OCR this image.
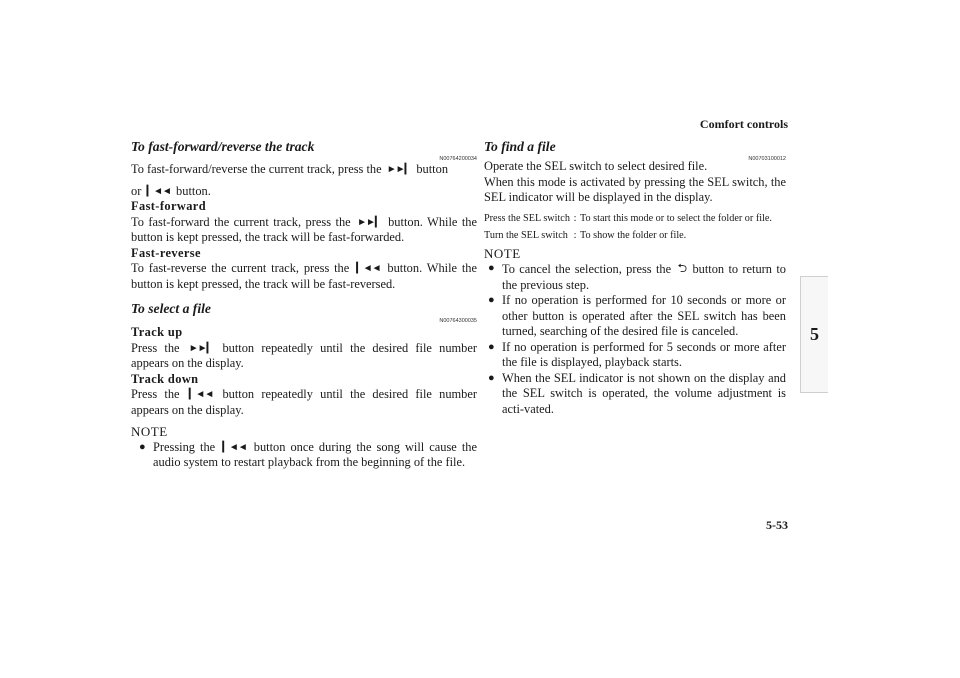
Comfort controls
5
5-53
To fast-forward/reverse the track
N00764200034

To fast-forward/reverse the current track, press the ►►▎ button
or ▎◄◄ button.

Fast-forward

To fast-forward the current track, press the ►►▎ button. While the button is kept pressed, the track will be fast-forwarded.

Fast-reverse

To fast-reverse the current track, press the ▎◄◄ button. While the button is kept pressed, the track will be fast-reversed.

To select a file
N00764300035

Track up

Press the ►►▎ button repeatedly until the desired file number appears on the display.

Track down

Press the ▎◄◄ button repeatedly until the desired file number appears on the display.

NOTE

● Pressing the ▎◄◄ button once during the song will cause the audio system to restart playback from the beginning of the file.
To find a file
N00703100012

Operate the SEL switch to select desired file.

When this mode is activated by pressing the SEL switch, the SEL indicator will be displayed in the display.

Press the SEL switch	:	To start this mode or to select the folder or file.
Turn the SEL switch	:	To show the folder or file.

NOTE

● To cancel the selection, press the ⮌ button to return to the previous step.
● If no operation is performed for 10 seconds or more or other button is operated after the SEL switch has been turned, searching of the desired file is canceled.
● If no operation is performed for 5 seconds or more after the file is displayed, playback starts.
● When the SEL indicator is not shown on the display and the SEL switch is operated, the volume adjustment is acti-vated.
